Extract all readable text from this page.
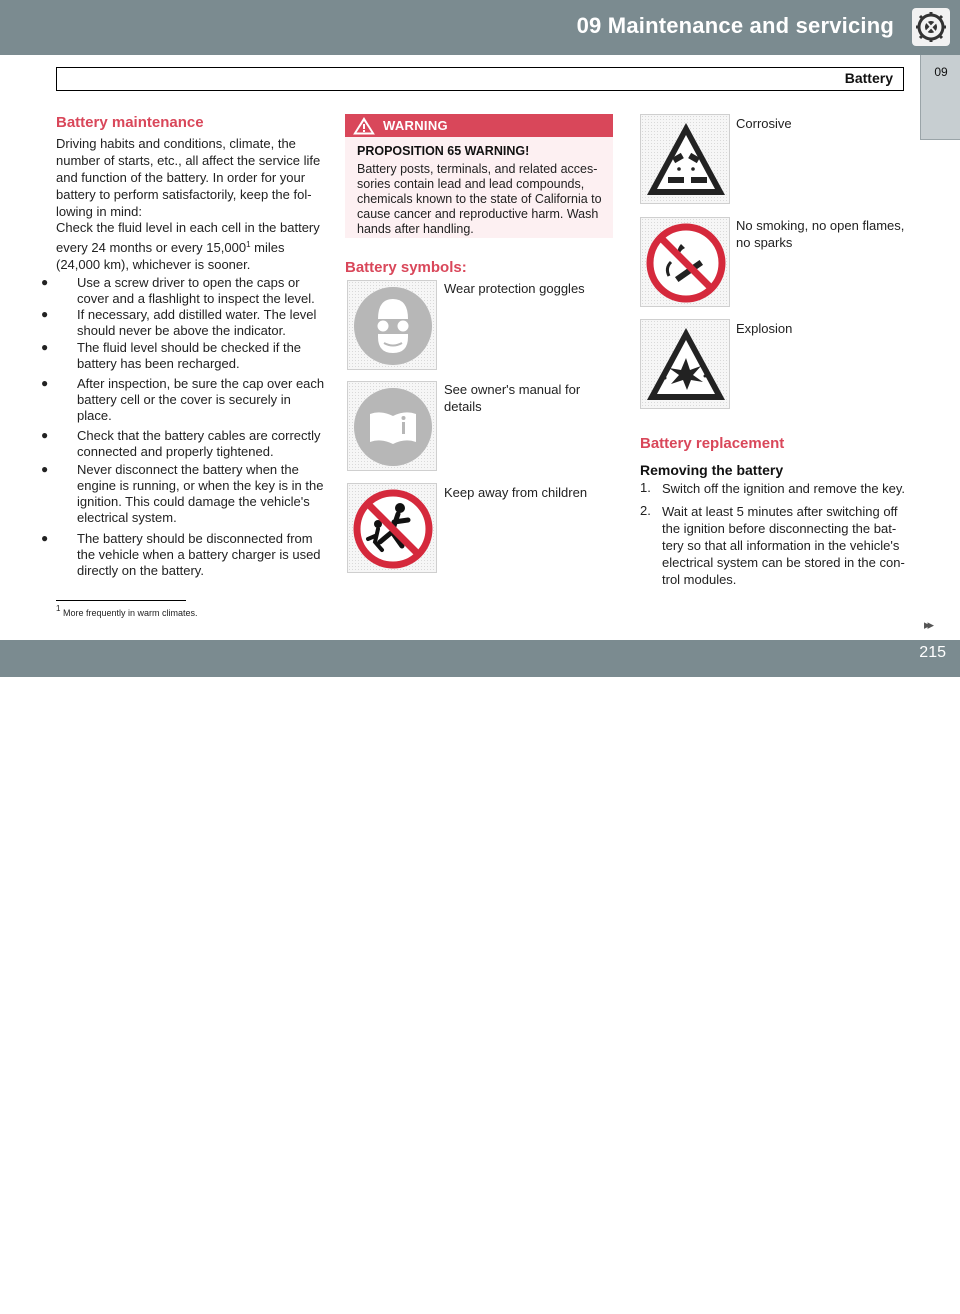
09 Maintenance and servicing
Battery	09
Battery maintenance
Driving habits and conditions, climate, the number of starts, etc., all affect the service life and function of the battery. In order for your battery to perform satisfactorily, keep the fol-lowing in mind:
Check the fluid level in each cell in the battery every 24 months or every 15,000$^1$ miles (24,000 km), whichever is sooner.
● Use a screw driver to open the caps or cover and a flashlight to inspect the level.
● If necessary, add distilled water. The level should never be above the indicator.
● The fluid level should be checked if the battery has been recharged.
● After inspection, be sure the cap over each battery cell or the cover is securely in place.
● Check that the battery cables are correctly connected and properly tightened.
● Never disconnect the battery when the engine is running, or when the key is in the ignition. This could damage the vehicle's electrical system.
● The battery should be disconnected from the vehicle when a battery charger is used directly on the battery.
WARNING
PROPOSITION 65 WARNING!
Battery posts, terminals, and related acces-sories contain lead and lead compounds, chemicals known to the state of California to cause cancer and reproductive harm. Wash hands after handling.
Battery symbols:
Wear protection goggles
See owner's manual for details
Keep away from children
Corrosive
No smoking, no open flames, no sparks
Explosion
Battery replacement
Removing the battery
1. Switch off the ignition and remove the key.
2. Wait at least 5 minutes after switching off the ignition before disconnecting the bat-tery so that all information in the vehicle's electrical system can be stored in the con-trol modules.
$^1$ More frequently in warm climates.
▸▸
carmanualsonline.info
215
